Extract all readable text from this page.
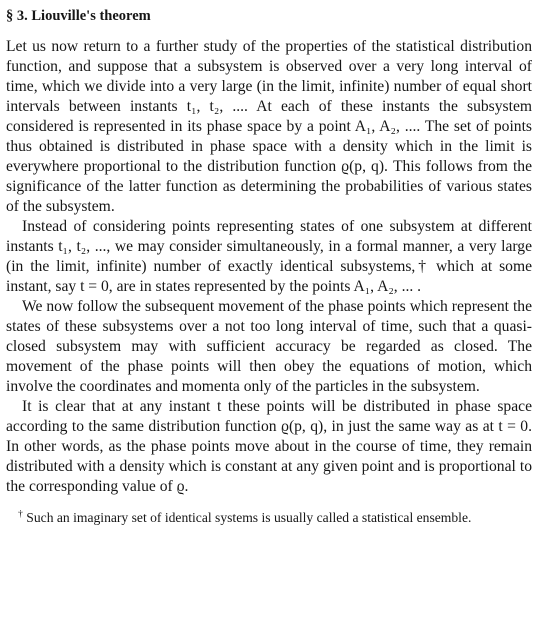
§ 3. Liouville's theorem

Let us now return to a further study of the properties of the statistical distribution function, and suppose that a subsystem is observed over a very long interval of time, which we divide into a very large (in the limit, infinite) number of equal short intervals between instants t₁, t₂, .... At each of these instants the subsystem considered is represented in its phase space by a point A₁, A₂, .... The set of points thus obtained is distributed in phase space with a density which in the limit is everywhere proportional to the distribution function ϱ(p, q). This follows from the significance of the latter function as determining the probabilities of various states of the subsystem.

Instead of considering points representing states of one subsystem at different instants t₁, t₂, ..., we may consider simultaneously, in a formal manner, a very large (in the limit, infinite) number of exactly identical subsystems,† which at some instant, say t = 0, are in states represented by the points A₁, A₂, ... .

We now follow the subsequent movement of the phase points which represent the states of these subsystems over a not too long interval of time, such that a quasi-closed subsystem may with sufficient accuracy be regarded as closed. The movement of the phase points will then obey the equations of motion, which involve the coordinates and momenta only of the particles in the subsystem.

It is clear that at any instant t these points will be distributed in phase space according to the same distribution function ϱ(p, q), in just the same way as at t = 0. In other words, as the phase points move about in the course of time, they remain distributed with a density which is constant at any given point and is proportional to the corresponding value of ϱ.

† Such an imaginary set of identical systems is usually called a statistical ensemble.
